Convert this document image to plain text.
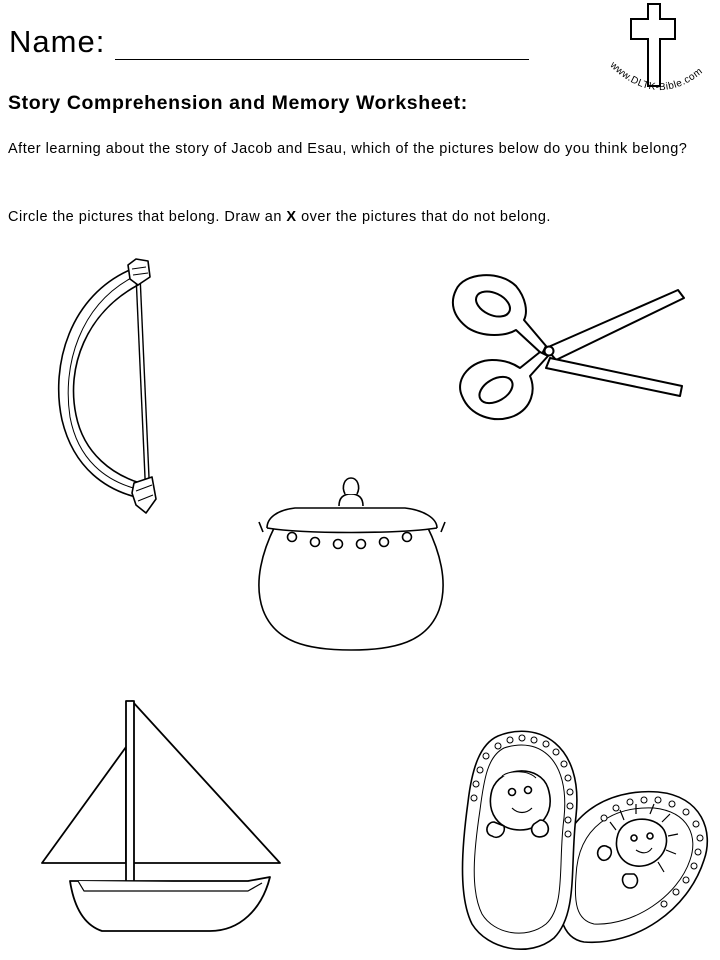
Name:
www.DLTK-Bible.com
Story Comprehension and Memory Worksheet:
After learning about the story of Jacob and Esau, which of the pictures below do you think belong?
Circle the pictures that belong. Draw an X over the pictures that do not belong.
